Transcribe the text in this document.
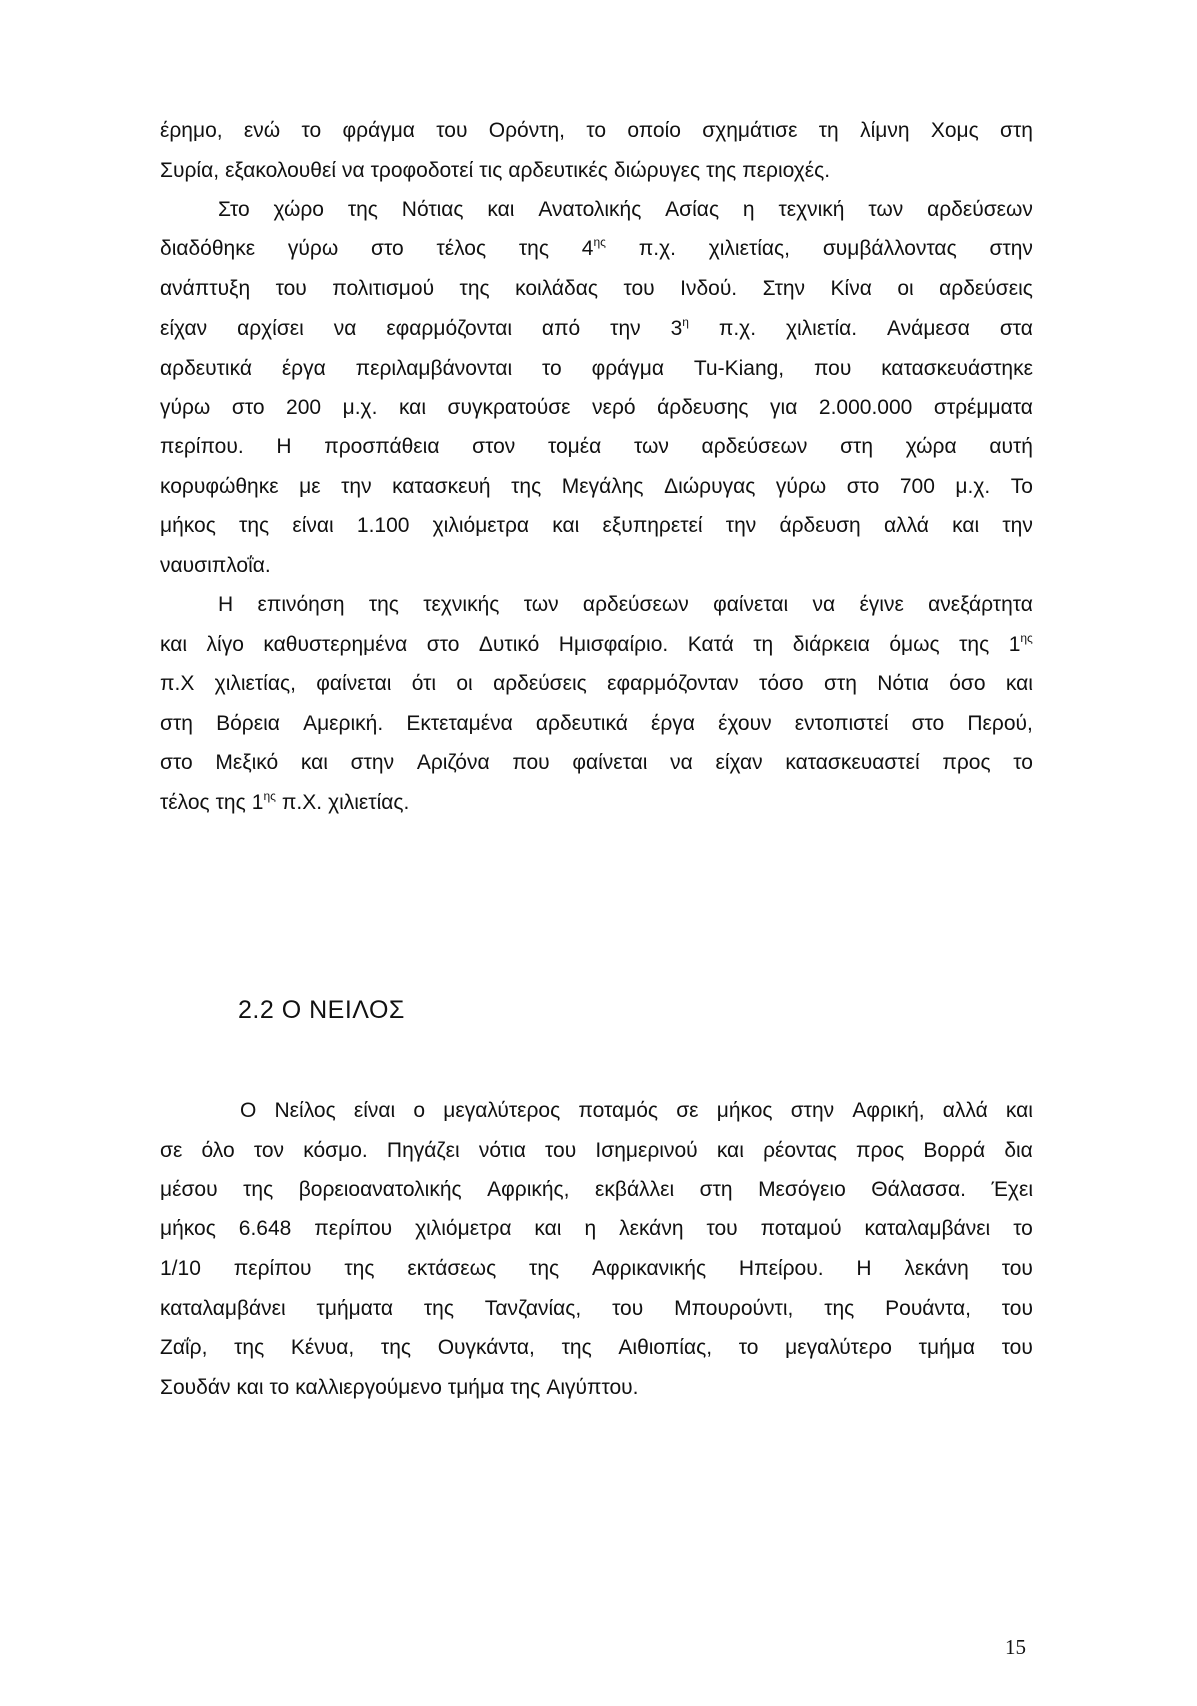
έρημο, ενώ το φράγμα του Ορόντη, το οποίο σχημάτισε τη λίμνη Χομς στη
Συρία, εξακολουθεί να τροφοδοτεί τις αρδευτικές διώρυγες της περιοχές.
Στο χώρο της Νότιας και Ανατολικής Ασίας η τεχνική των αρδεύσεων
διαδόθηκε γύρω στο τέλος της $4^{\eta\varsigma}$ π.χ. χιλιετίας, συμβάλλοντας στην
ανάπτυξη του πολιτισμού της κοιλάδας του Ινδού. Στην Κίνα οι αρδεύσεις
είχαν αρχίσει να εφαρμόζονται από την $3^\eta$ π.χ. χιλιετία. Ανάμεσα στα
αρδευτικά έργα περιλαμβάνονται το φράγμα Tu-Kiang, που κατασκευάστηκε
γύρω στο 200 μ.χ. και συγκρατούσε νερό άρδευσης για 2.000.000 στρέμματα
περίπου. Η προσπάθεια στον τομέα των αρδεύσεων στη χώρα αυτή
κορυφώθηκε με την κατασκευή της Μεγάλης Διώρυγας γύρω στο 700 μ.χ. Το
μήκος της είναι 1.100 χιλιόμετρα και εξυπηρετεί την άρδευση αλλά και την
ναυσιπλοΐα.
Η επινόηση της τεχνικής των αρδεύσεων φαίνεται να έγινε ανεξάρτητα
και λίγο καθυστερημένα στο Δυτικό Ημισφαίριο. Κατά τη διάρκεια όμως της $1^{\eta\varsigma}$
π.Χ χιλιετίας, φαίνεται ότι οι αρδεύσεις εφαρμόζονταν τόσο στη Νότια όσο και
στη Βόρεια Αμερική. Εκτεταμένα αρδευτικά έργα έχουν εντοπιστεί στο Περού,
στο Μεξικό και στην Αριζόνα που φαίνεται να είχαν κατασκευαστεί προς το
τέλος της $1^{\eta\varsigma}$ π.Χ. χιλιετίας.
2.2 Ο ΝΕΙΛΟΣ
Ο Νείλος είναι ο μεγαλύτερος ποταμός σε μήκος στην Αφρική, αλλά και
σε όλο τον κόσμο. Πηγάζει νότια του Ισημερινού και ρέοντας προς Βορρά δια
μέσου της βορειοανατολικής Αφρικής, εκβάλλει στη Μεσόγειο Θάλασσα. Έχει
μήκος 6.648 περίπου χιλιόμετρα και η λεκάνη του ποταμού καταλαμβάνει το
1/10 περίπου της εκτάσεως της Αφρικανικής Ηπείρου. Η λεκάνη του
καταλαμβάνει τμήματα της Τανζανίας, του Μπουρούντι, της Ρουάντα, του
Ζαΐρ, της Κένυα, της Ουγκάντα, της Αιθιοπίας, το μεγαλύτερο τμήμα του
Σουδάν και το καλλιεργούμενο τμήμα της Αιγύπτου.
15
